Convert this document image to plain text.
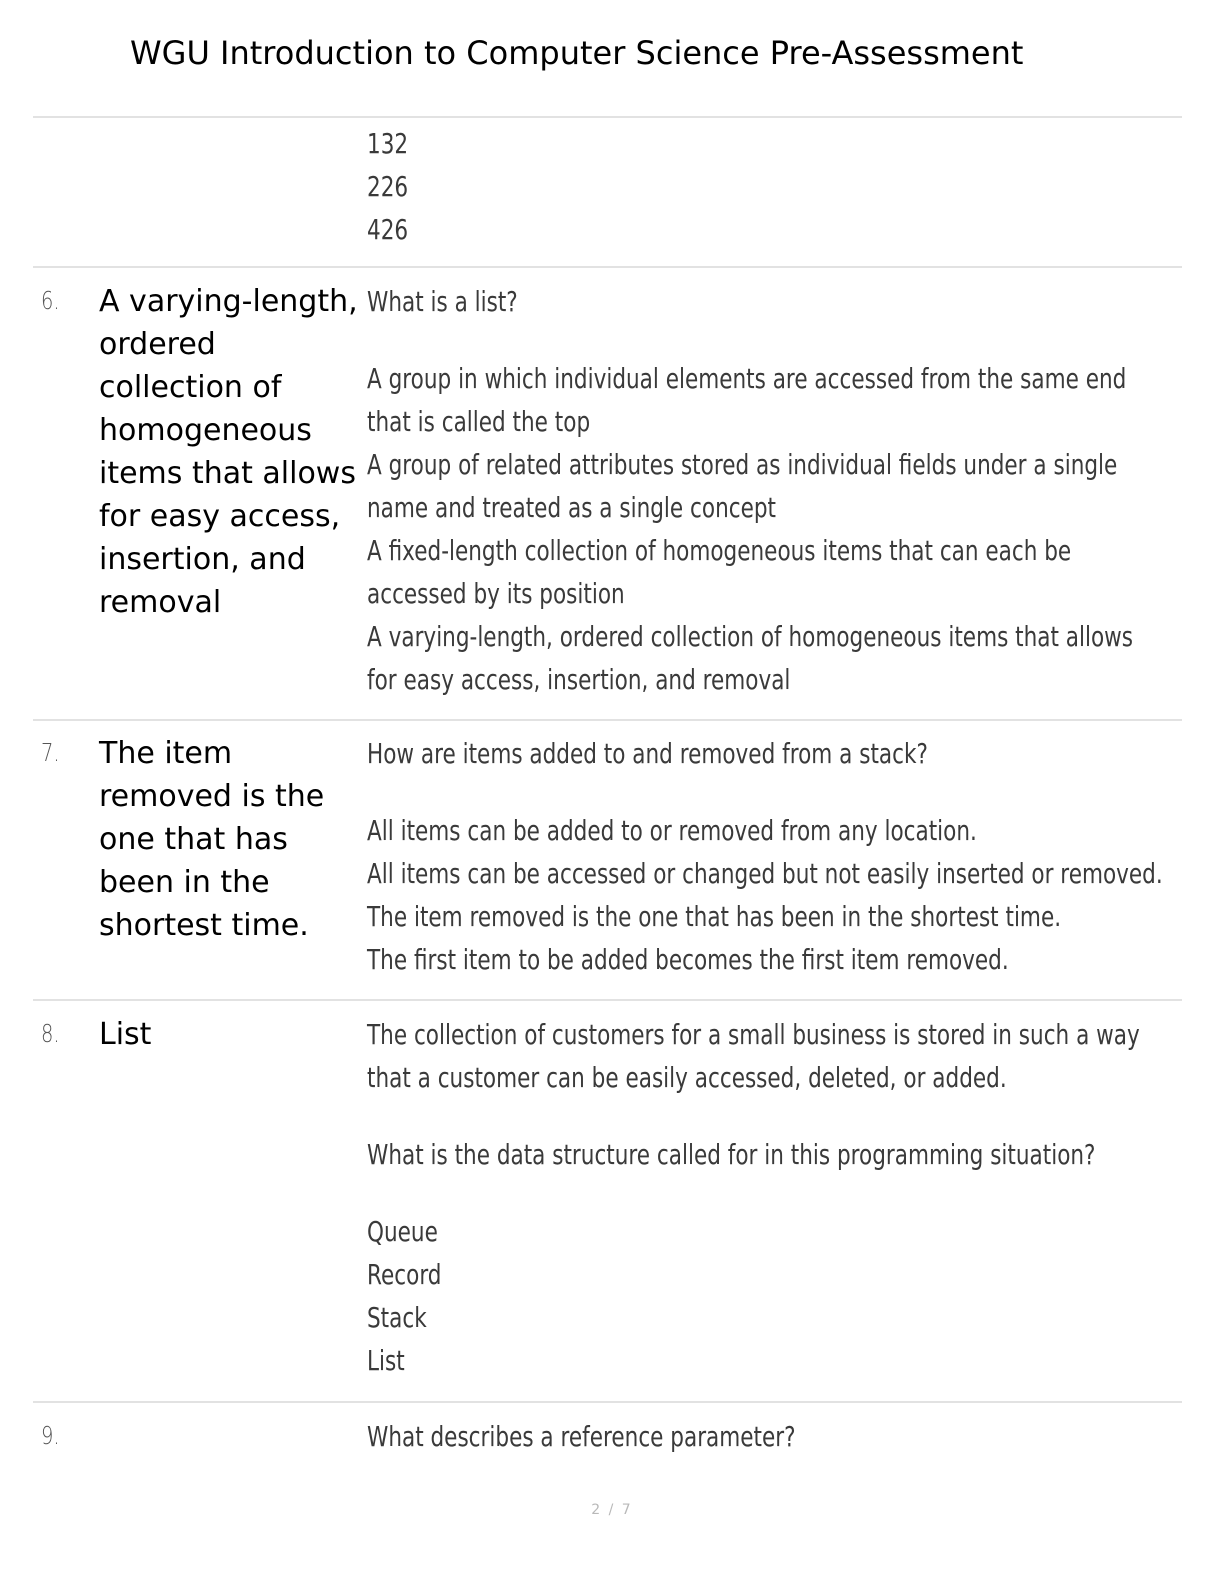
WGU Introduction to Computer Science Pre-Assessment
132
226
426
6. A varying-length, ordered collection of homogeneous items that allows for easy access, insertion, and removal
What is a list?
A group in which individual elements are accessed from the same end that is called the top
A group of related attributes stored as individual fields under a single name and treated as a single concept
A fixed-length collection of homogeneous items that can each be accessed by its position
A varying-length, ordered collection of homogeneous items that allows for easy access, insertion, and removal
7. The item removed is the one that has been in the shortest time.
How are items added to and removed from a stack?
All items can be added to or removed from any location.
All items can be accessed or changed but not easily inserted or removed.
The item removed is the one that has been in the shortest time.
The first item to be added becomes the first item removed.
8. List	The collection of customers for a small business is stored in such a way that a customer can be easily accessed, deleted, or added.
What is the data structure called for in this programming situation?
Queue
Record
Stack
List
9.	What describes a reference parameter?
2 / 7
